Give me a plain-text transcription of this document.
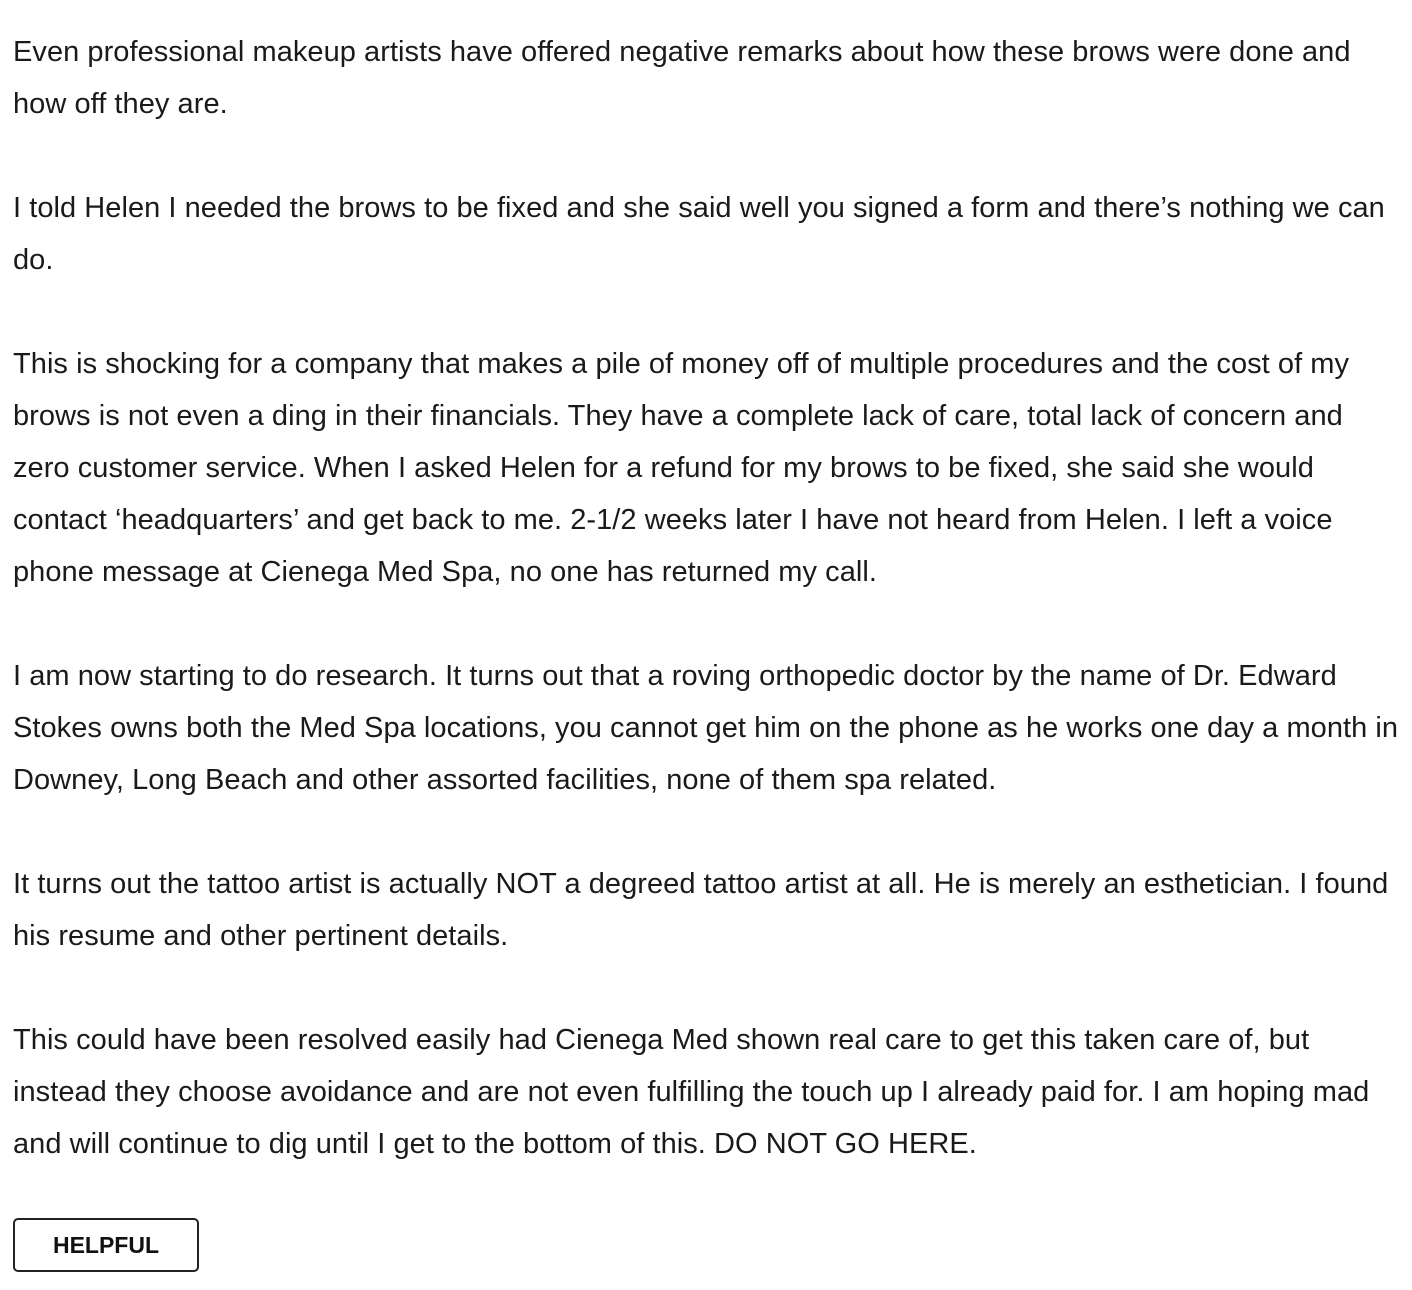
Even professional makeup artists have offered negative remarks about how these brows were done and how off they are.

I told Helen I needed the brows to be fixed and she said well you signed a form and there’s nothing we can do.

This is shocking for a company that makes a pile of money off of multiple procedures and the cost of my brows is not even a ding in their financials. They have a complete lack of care, total lack of concern and zero customer service. When I asked Helen for a refund for my brows to be fixed, she said she would contact ‘headquarters’ and get back to me. 2-1/2 weeks later I have not heard from Helen. I left a voice phone message at Cienega Med Spa, no one has returned my call.

I am now starting to do research. It turns out that a roving orthopedic doctor by the name of Dr. Edward Stokes owns both the Med Spa locations, you cannot get him on the phone as he works one day a month in Downey, Long Beach and other assorted facilities, none of them spa related.

It turns out the tattoo artist is actually NOT a degreed tattoo artist at all. He is merely an esthetician. I found his resume and other pertinent details.

This could have been resolved easily had Cienega Med shown real care to get this taken care of, but instead they choose avoidance and are not even fulfilling the touch up I already paid for. I am hoping mad and will continue to dig until I get to the bottom of this. DO NOT GO HERE.

HELPFUL
